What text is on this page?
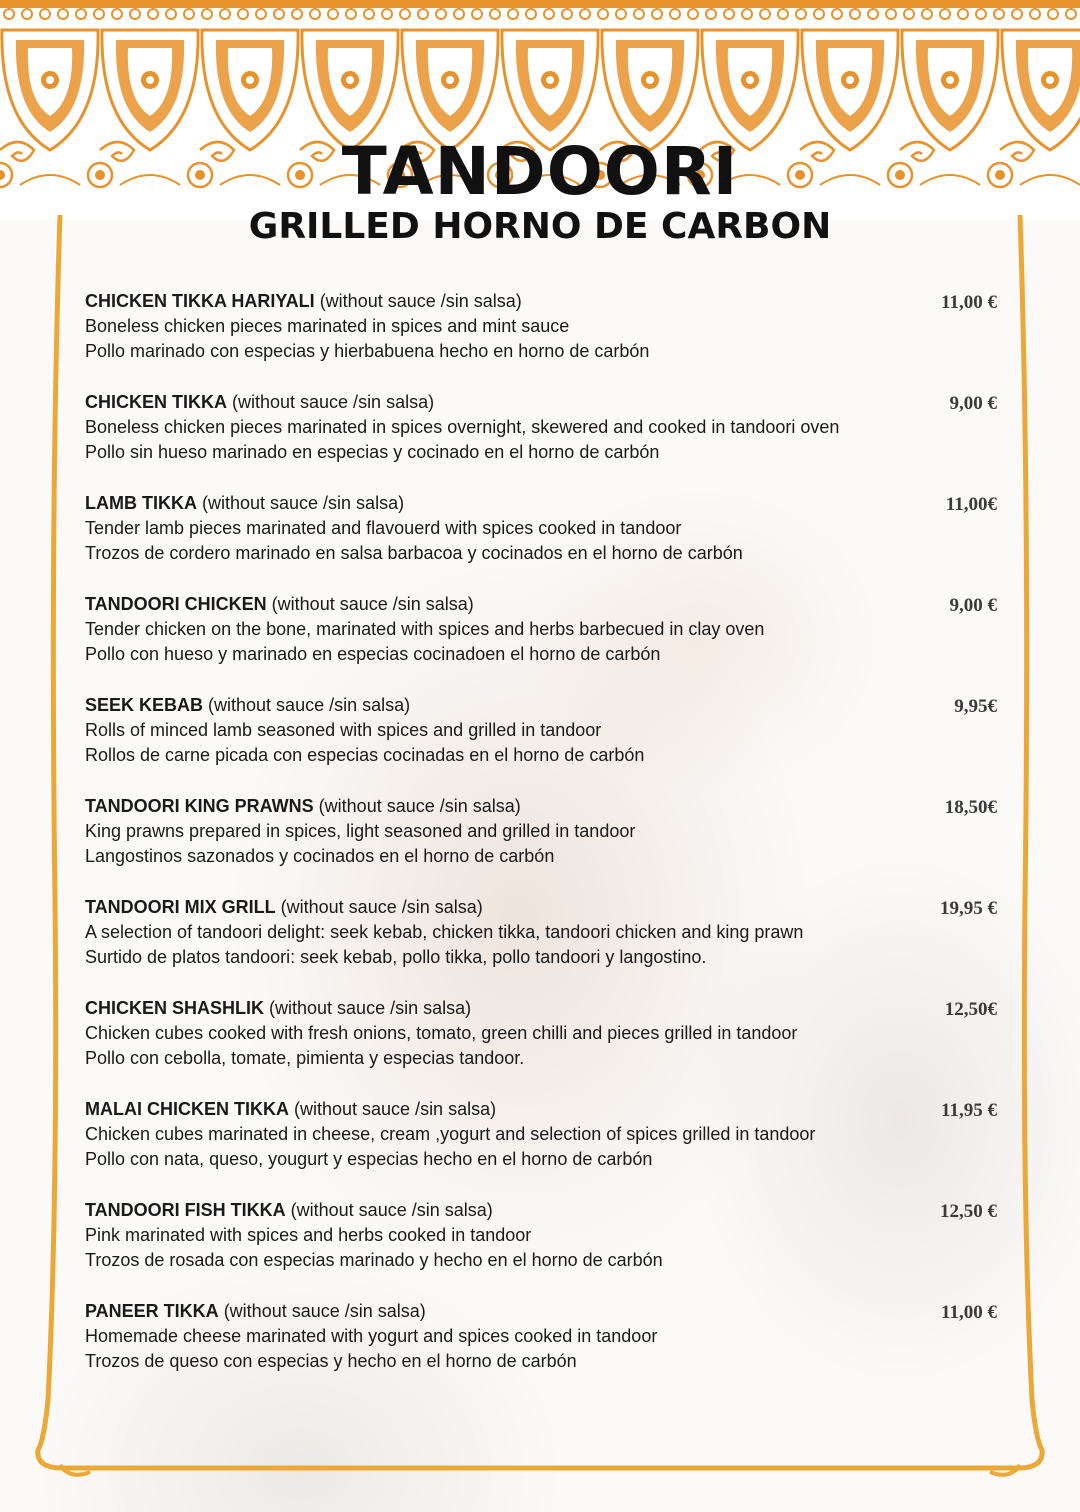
TANDOORI
GRILLED HORNO DE CARBON
CHICKEN TIKKA HARIYALI (without sauce /sin salsa)
Boneless chicken pieces marinated in spices and mint sauce
Pollo marinado con especias y hierbabuena hecho en horno de carbón
11,00 €
CHICKEN TIKKA (without sauce /sin salsa)
Boneless chicken pieces marinated in spices overnight, skewered and cooked in tandoori oven
Pollo sin hueso marinado en especias y cocinado en el horno de carbón
9,00 €
LAMB TIKKA (without sauce /sin salsa)
Tender lamb pieces marinated and flavouerd with spices cooked in tandoor
Trozos de cordero marinado en salsa barbacoa y cocinados en el horno de carbón
11,00€
TANDOORI CHICKEN (without sauce /sin salsa)
Tender chicken on the bone, marinated with spices and herbs barbecued in clay oven
Pollo con hueso y marinado en especias cocinadoen el horno de carbón
9,00 €
SEEK KEBAB (without sauce /sin salsa)
Rolls of minced lamb seasoned with spices and grilled in tandoor
Rollos de carne picada con especias cocinadas en el horno de carbón
9,95€
TANDOORI KING PRAWNS (without sauce /sin salsa)
King prawns prepared in spices, light seasoned and grilled in tandoor
Langostinos sazonados y cocinados en el horno de carbón
18,50€
TANDOORI MIX GRILL (without sauce /sin salsa)
A selection of tandoori delight: seek kebab, chicken tikka, tandoori chicken and king prawn
Surtido de platos tandoori: seek kebab, pollo tikka, pollo tandoori y langostino.
19,95 €
CHICKEN SHASHLIK (without sauce /sin salsa)
Chicken cubes cooked with fresh onions, tomato, green chilli and pieces grilled in tandoor
Pollo con cebolla, tomate, pimienta y especias tandoor.
12,50€
MALAI CHICKEN TIKKA (without sauce /sin salsa)
Chicken cubes marinated in cheese, cream ,yogurt and selection of spices grilled in tandoor
Pollo con nata, queso, yougurt y especias hecho en el horno de carbón
11,95 €
TANDOORI FISH TIKKA (without sauce /sin salsa)
Pink marinated with spices and herbs cooked in tandoor
Trozos de rosada con especias marinado y hecho en el horno de carbón
12,50 €
PANEER TIKKA (without sauce /sin salsa)
Homemade cheese marinated with yogurt and spices cooked in tandoor
Trozos de queso con especias y hecho en el horno de carbón
11,00 €
